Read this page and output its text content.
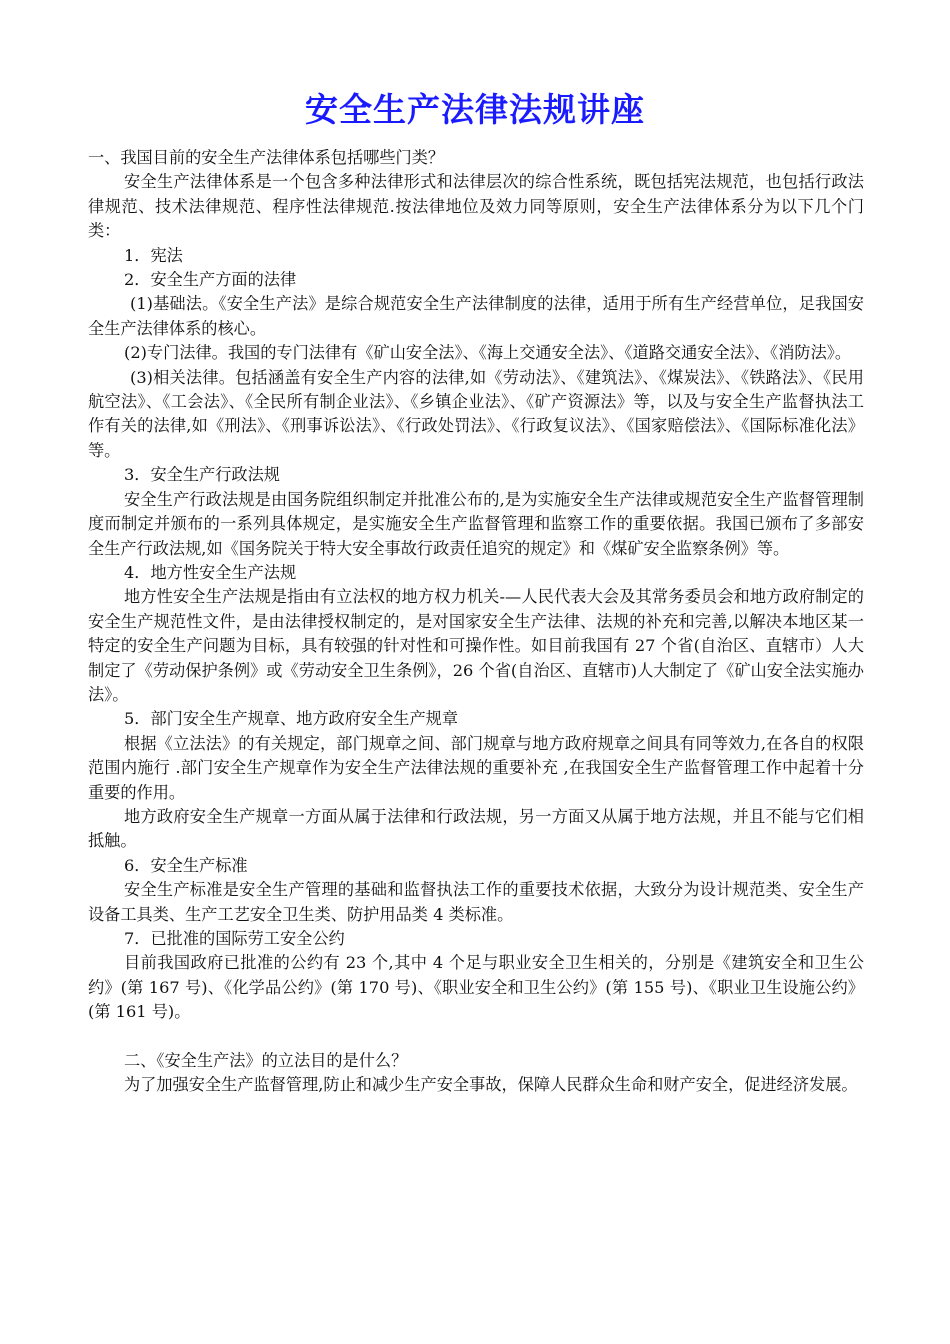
安全生产法律法规讲座

一、我国目前的安全生产法律体系包括哪些门类？

安全生产法律体系是一个包含多种法律形式和法律层次的综合性系统，既包括宪法规范，也包括行政法律规范、技术法律规范、程序性法律规范.按法律地位及效力同等原则，安全生产法律体系分为以下几个门类：

1．宪法

2．安全生产方面的法律

(1)基础法。《安全生产法》是综合规范安全生产法律制度的法律，适用于所有生产经营单位，足我国安全生产法律体系的核心。

(2)专门法律。我国的专门法律有《矿山安全法》、《海上交通安全法》、《道路交通安全法》、《消防法》。

(3)相关法律。包括涵盖有安全生产内容的法律,如《劳动法》、《建筑法》、《煤炭法》、《铁路法》、《民用航空法》、《工会法》、《全民所有制企业法》、《乡镇企业法》、《矿产资源法》等，以及与安全生产监督执法工作有关的法律,如《刑法》、《刑事诉讼法》、《行政处罚法》、《行政复议法》、《国家赔偿法》、《国际标准化法》等。

3．安全生产行政法规

安全生产行政法规是由国务院组织制定并批准公布的,是为实施安全生产法律或规范安全生产监督管理制度而制定并颁布的一系列具体规定，是实施安全生产监督管理和监察工作的重要依据。我国已颁布了多部安全生产行政法规,如《国务院关于特大安全事故行政责任追究的规定》和《煤矿安全监察条例》等。

4．地方性安全生产法规

地方性安全生产法规是指由有立法权的地方权力机关-—人民代表大会及其常务委员会和地方政府制定的安全生产规范性文件，是由法律授权制定的，是对国家安全生产法律、法规的补充和完善,以解决本地区某一特定的安全生产问题为目标，具有较强的针对性和可操作性。如目前我国有 27 个省(自治区、直辖市）人大制定了《劳动保护条例》或《劳动安全卫生条例》，26 个省(自治区、直辖市)人大制定了《矿山安全法实施办法》。

5．部门安全生产规章、地方政府安全生产规章

根据《立法法》的有关规定，部门规章之间、部门规章与地方政府规章之间具有同等效力,在各自的权限范围内施行 .部门安全生产规章作为安全生产法律法规的重要补充 ,在我国安全生产监督管理工作中起着十分重要的作用。

地方政府安全生产规章一方面从属于法律和行政法规，另一方面又从属于地方法规，并且不能与它们相抵触。

6．安全生产标准

安全生产标准是安全生产管理的基础和监督执法工作的重要技术依据，大致分为设计规范类、安全生产设备工具类、生产工艺安全卫生类、防护用品类 4 类标准。

7．已批准的国际劳工安全公约

目前我国政府已批准的公约有 23 个,其中 4 个足与职业安全卫生相关的，分别是《建筑安全和卫生公约》(第 167 号)、《化学品公约》(第 170 号)、《职业安全和卫生公约》(第 155 号)、《职业卫生设施公约》(第 161 号)。

二、《安全生产法》的立法目的是什么？

为了加强安全生产监督管理,防止和减少生产安全事故，保障人民群众生命和财产安全，促进经济发展。
